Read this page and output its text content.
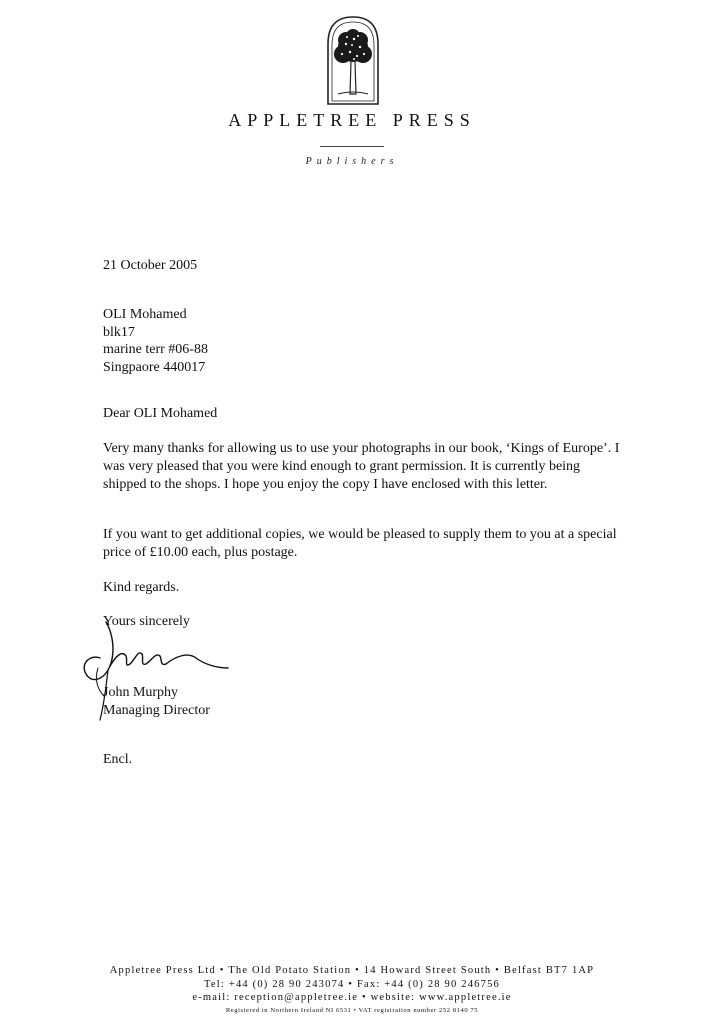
APPLETREE PRESS
Publishers
21 October 2005
OLI Mohamed
blk17
marine terr #06-88
Singpaore 440017
Dear OLI Mohamed
Very many thanks for allowing us to use your photographs in our book, ‘Kings of Europe’. I was very pleased that you were kind enough to grant permission. It is currently being shipped to the shops. I hope you enjoy the copy I have enclosed with this letter.
If you want to get additional copies, we would be pleased to supply them to you at a special price of £10.00 each, plus postage.
Kind regards.
Yours sincerely
John Murphy
Managing Director
Encl.
Appletree Press Ltd • The Old Potato Station • 14 Howard Street South • Belfast BT7 1AP
Tel: +44 (0) 28 90 243074 • Fax: +44 (0) 28 90 246756
e-mail: reception@appletree.ie • website: www.appletree.ie
Registered in Northern Ireland NI 6531 • VAT registration number 252 8140 75
